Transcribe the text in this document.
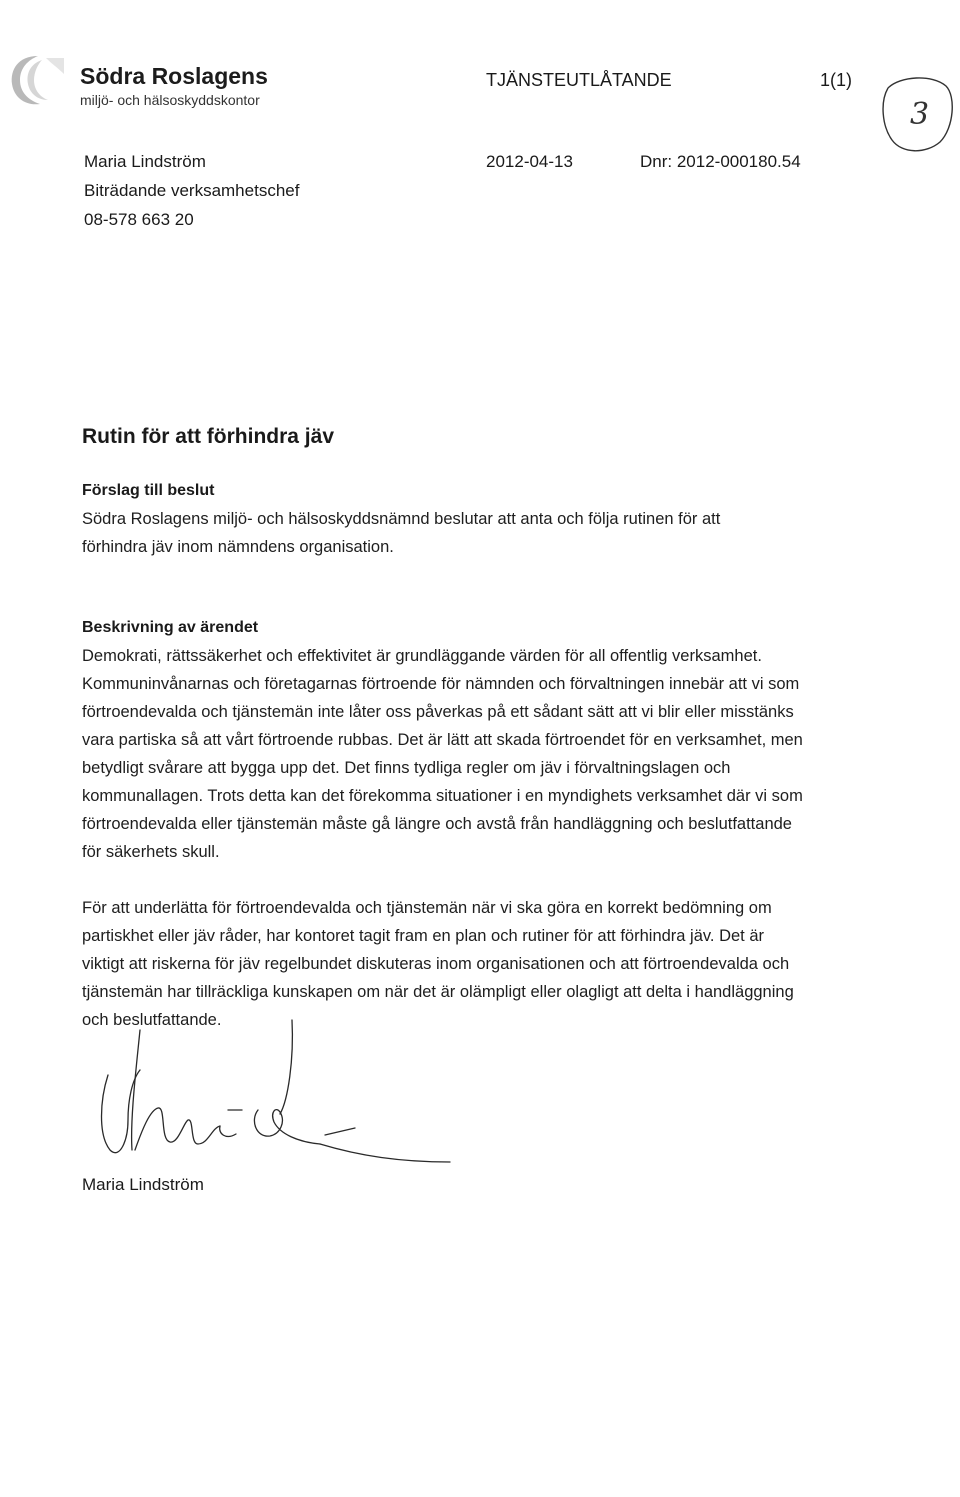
Södra Roslagens
miljö- och hälsoskyddskontor
TJÄNSTEUTLÅTANDE	1(1)
3
Maria Lindström
Biträdande verksamhetschef
08-578 663 20
2012-04-13	Dnr: 2012-000180.54
Rutin för att förhindra jäv
Förslag till beslut
Södra Roslagens miljö- och hälsoskyddsnämnd beslutar att anta och följa rutinen för att
förhindra jäv inom nämndens organisation.
Beskrivning av ärendet
Demokrati, rättssäkerhet och effektivitet är grundläggande värden för all offentlig verksamhet.
Kommuninvånarnas och företagarnas förtroende för nämnden och förvaltningen innebär att vi som
förtroendevalda och tjänstemän inte låter oss påverkas på ett sådant sätt att vi blir eller misstänks
vara partiska så att vårt förtroende rubbas. Det är lätt att skada förtroendet för en verksamhet, men
betydligt svårare att bygga upp det. Det finns tydliga regler om jäv i förvaltningslagen och
kommunallagen. Trots detta kan det förekomma situationer i en myndighets verksamhet där vi som
förtroendevalda eller tjänstemän måste gå längre och avstå från handläggning och beslutfattande
för säkerhets skull.
För att underlätta för förtroendevalda och tjänstemän när vi ska göra en korrekt bedömning om
partiskhet eller jäv råder, har kontoret tagit fram en plan och rutiner för att förhindra jäv. Det är
viktigt att riskerna för jäv regelbundet diskuteras inom organisationen och att förtroendevalda och
tjänstemän har tillräckliga kunskapen om när det är olämpligt eller olagligt att delta i handläggning
och beslutfattande.
Maria Lindström
